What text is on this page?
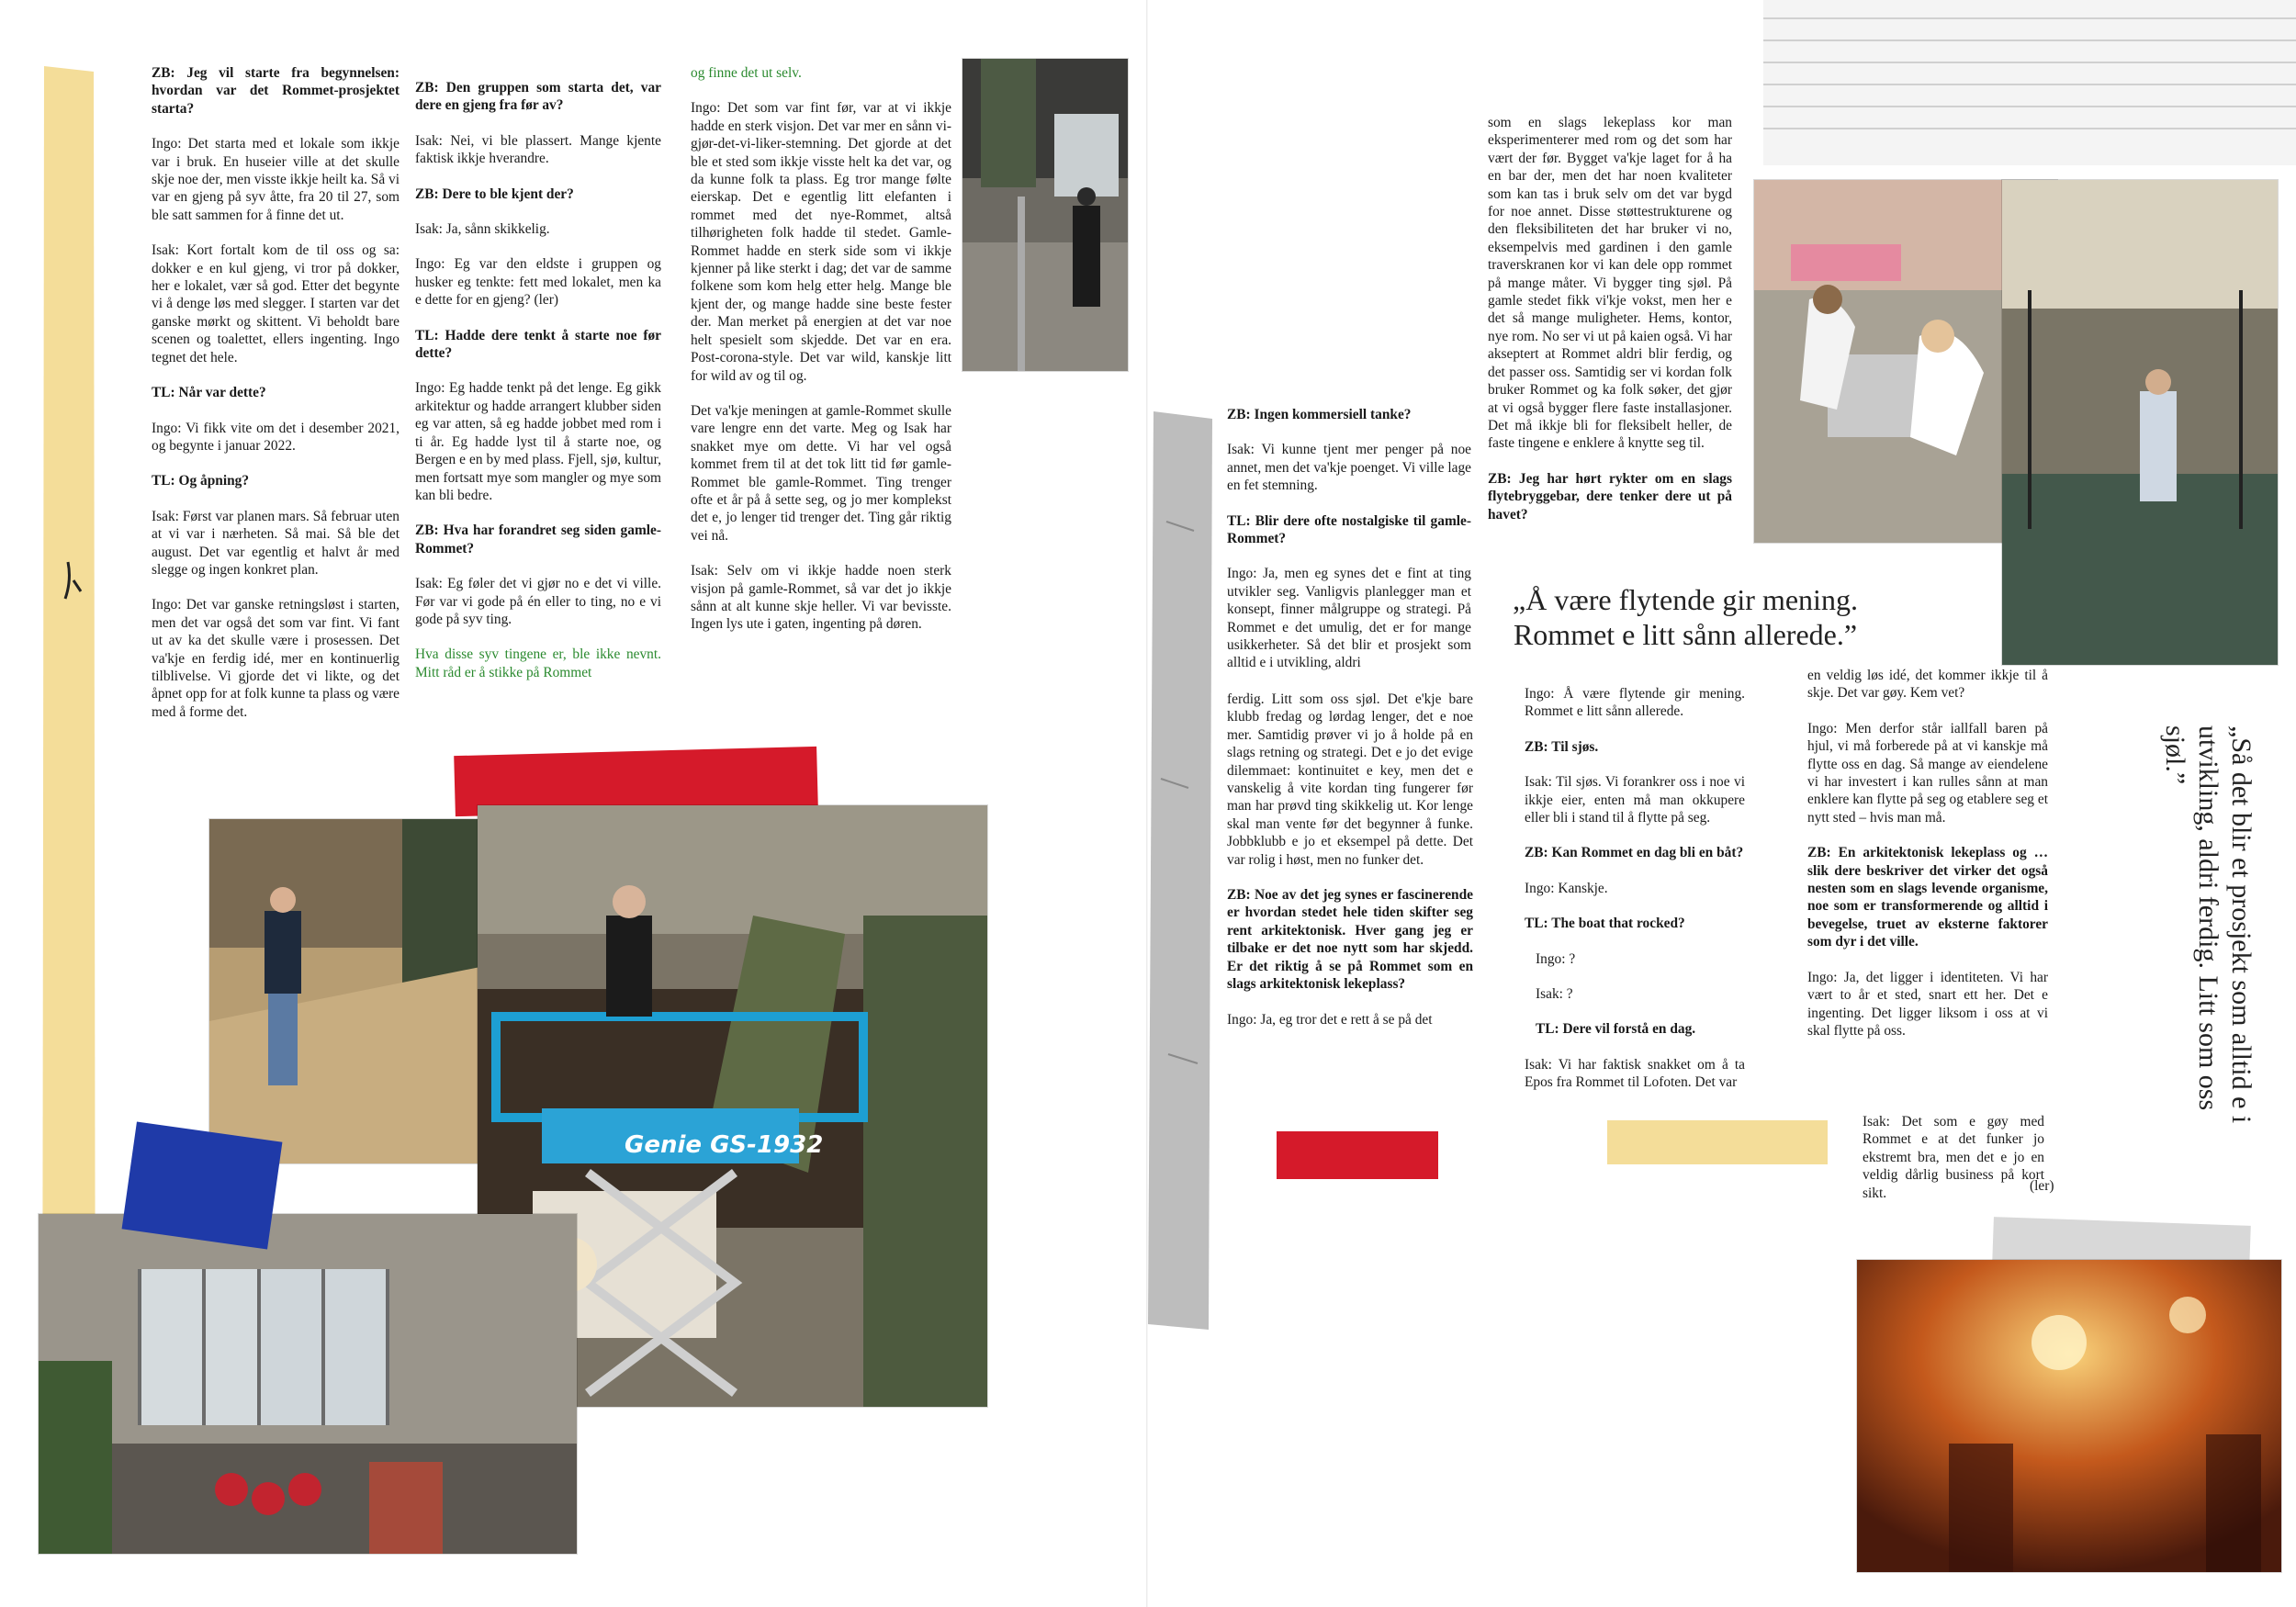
ZB: Jeg vil starte fra begynnelsen: hvordan var det Rommet-prosjektet starta?

Ingo: Det starta med et lokale som ikkje var i bruk. En huseier ville at det skulle skje noe der, men visste ikkje heilt ka. Så vi var en gjeng på syv åtte, fra 20 til 27, som ble satt sammen for å finne det ut.

Isak: Kort fortalt kom de til oss og sa: dokker e en kul gjeng, vi tror på dokker, her e lokalet, vær så god. Etter det begynte vi å denge løs med slegger. I starten var det ganske mørkt og skittent. Vi beholdt bare scenen og toalettet, ellers ingenting. Ingo tegnet det hele.

TL: Når var dette?

Ingo: Vi fikk vite om det i desember 2021, og begynte i januar 2022.

TL: Og åpning?

Isak: Først var planen mars. Så februar uten at vi var i nærheten. Så mai. Så ble det august. Det var egentlig et halvt år med slegge og ingen konkret plan.

Ingo: Det var ganske retningsløst i starten, men det var også det som var fint. Vi fant ut av ka det skulle være i prosessen. Det va'kje en ferdig idé, mer en kontinuerlig tilblivelse. Vi gjorde det vi likte, og det åpnet opp for at folk kunne ta plass og være med å forme det.

ZB: Den gruppen som starta det, var dere en gjeng fra før av?

Isak: Nei, vi ble plassert. Mange kjente faktisk ikkje hverandre.

ZB: Dere to ble kjent der?

Isak: Ja, sånn skikkelig.

Ingo: Eg var den eldste i gruppen og husker eg tenkte: fett med lokalet, men ka e dette for en gjeng? (ler)

TL: Hadde dere tenkt å starte noe før dette?

Ingo: Eg hadde tenkt på det lenge. Eg gikk arkitektur og hadde arrangert klubber siden eg var atten, så eg hadde jobbet med rom i ti år. Eg hadde lyst til å starte noe, og Bergen e en by med plass. Fjell, sjø, kultur, men fortsatt mye som mangler og mye som kan bli bedre.

ZB: Hva har forandret seg siden gamle-Rommet?

Isak: Eg føler det vi gjør no e det vi ville. Før var vi gode på én eller to ting, no e vi gode på syv ting.

Hva disse syv tingene er, ble ikke nevnt. Mitt råd er å stikke på Rommet

og finne det ut selv.

Ingo: Det som var fint før, var at vi ikkje hadde en sterk visjon. Det var mer en sånn vi-gjør-det-vi-liker-stemning. Det gjorde at det ble et sted som ikkje visste helt ka det var, og da kunne folk ta plass. Eg tror mange følte eierskap. Det e egentlig litt elefanten i rommet med det nye-Rommet, altså tilhørigheten folk hadde til stedet. Gamle-Rommet hadde en sterk side som vi ikkje kjenner på like sterkt i dag; det var de samme folkene som kom helg etter helg. Mange ble kjent der, og mange hadde sine beste fester der. Man merket på energien at det var noe helt spesielt som skjedde. Det var en era. Post-corona-style. Det var wild, kanskje litt for wild av og til og.

Det va'kje meningen at gamle-Rommet skulle vare lengre enn det varte. Meg og Isak har snakket mye om dette. Vi har vel også kommet frem til at det tok litt tid før gamle-Rommet ble gamle-Rommet. Ting trenger ofte et år på å sette seg, og jo mer komplekst det e, jo lenger tid trenger det. Ting går riktig vei nå.

Isak: Selv om vi ikkje hadde noen sterk visjon på gamle-Rommet, så var det jo ikkje sånn at alt kunne skje heller. Vi var bevisste. Ingen lys ute i gaten, ingenting på døren.

Genie GS-1932

ZB: Ingen kommersiell tanke?

Isak: Vi kunne tjent mer penger på noe annet, men det va'kje poenget. Vi ville lage en fet stemning.

TL: Blir dere ofte nostalgiske til gamle-Rommet?

Ingo: Ja, men eg synes det e fint at ting utvikler seg. Vanligvis planlegger man et konsept, finner målgruppe og strategi. På Rommet e det umulig, det er for mange usikkerheter. Så det blir et prosjekt som alltid e i utvikling, aldri

ferdig. Litt som oss sjøl. Det e'kje bare klubb fredag og lørdag lenger, det e noe mer. Samtidig prøver vi jo å holde på en slags retning og strategi. Det e jo det evige dilemmaet: kontinuitet e key, men det e vanskelig å vite kordan ting fungerer før man har prøvd ting skikkelig ut. Kor lenge skal man vente før det begynner å funke. Jobbklubb e jo et eksempel på dette. Det var rolig i høst, men no funker det.

ZB: Noe av det jeg synes er fascinerende er hvordan stedet hele tiden skifter seg rent arkitektonisk. Hver gang jeg er tilbake er det noe nytt som har skjedd. Er det riktig å se på Rommet som en slags arkitektonisk lekeplass?

Ingo: Ja, eg tror det e rett å se på det

som en slags lekeplass kor man eksperimenterer med rom og det som har vært der før. Bygget va'kje laget for å ha en bar der, men det har noen kvaliteter som kan tas i bruk selv om det var bygd for noe annet. Disse støttestrukturene og den fleksibiliteten det har bruker vi no, eksempelvis med gardinen i den gamle traverskranen kor vi kan dele opp rommet på mange måter. Vi bygger ting sjøl. På gamle stedet fikk vi'kje vokst, men her e det så mange muligheter. Hems, kontor, nye rom. No ser vi ut på kaien også. Vi har akseptert at Rommet aldri blir ferdig, og det passer oss. Samtidig ser vi kordan folk bruker Rommet og ka folk søker, det gjør at vi også bygger flere faste installasjoner. Det må ikkje bli for fleksibelt heller, de faste tingene e enklere å knytte seg til.

ZB: Jeg har hørt rykter om en slags flytebryggebar, dere tenker dere ut på havet?

„Å være flytende gir mening. Rommet e litt sånn allerede.”

Ingo: Å være flytende gir mening. Rommet e litt sånn allerede.

ZB: Til sjøs.

Isak: Til sjøs. Vi forankrer oss i noe vi ikkje eier, enten må man okkupere eller bli i stand til å flytte på seg.

ZB: Kan Rommet en dag bli en båt?

Ingo: Kanskje.

TL: The boat that rocked?

Ingo: ?

Isak: ?

TL: Dere vil forstå en dag.

Isak: Vi har faktisk snakket om å ta Epos fra Rommet til Lofoten. Det var

en veldig løs idé, det kommer ikkje til å skje. Det var gøy. Kem vet?

Ingo: Men derfor står iallfall baren på hjul, vi må forberede på at vi kanskje må flytte oss en dag. Så mange av eiendelene vi har investert i kan rulles sånn at man enklere kan flytte på seg og etablere seg et nytt sted – hvis man må.

ZB: En arkitektonisk lekeplass og … slik dere beskriver det virker det også nesten som en slags levende organisme, noe som er transformerende og alltid i bevegelse, truet av eksterne faktorer som dyr i det ville.

Ingo: Ja, det ligger i identiteten. Vi har vært to år et sted, snart ett her. Det e ingenting. Det ligger liksom i oss at vi skal flytte på oss.

Isak: Det som e gøy med Rommet e at det funker jo ekstremt bra, men det e jo en veldig dårlig business på kort sikt.	(ler)
„Så det blir et prosjekt som alltid e i utvikling, aldri ferdig. Litt som oss sjøl.”
